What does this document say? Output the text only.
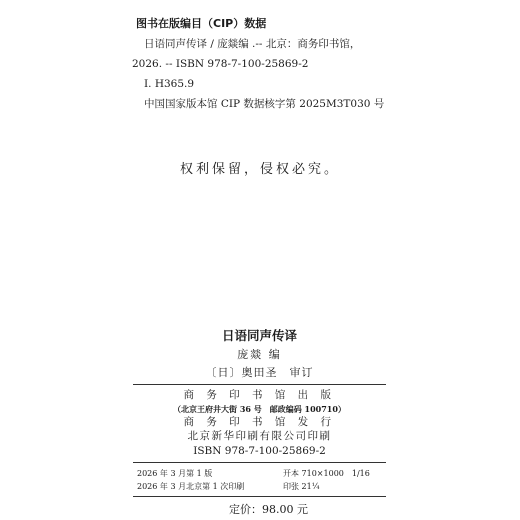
图书在版编目（CIP）数据
日语同声传译 / 庞燚编 .-- 北京：商务印书馆，
2026. -- ISBN 978-7-100-25869-2
Ⅰ. H365.9
中国国家版本馆 CIP 数据核字第 2025M3T030 号
权利保留，侵权必究。
日语同声传译
庞燚 编
〔日〕奥田圣　审订
商 务 印 书 馆 出 版
（北京王府井大街 36 号　邮政编码 100710）
商 务 印 书 馆 发 行
北京新华印刷有限公司印刷
ISBN 978-7-100-25869-2
2026 年 3 月第 1 版	开本 710×1000　1/16
2026 年 3 月北京第 1 次印刷	印张 21¼
定价：98.00 元
